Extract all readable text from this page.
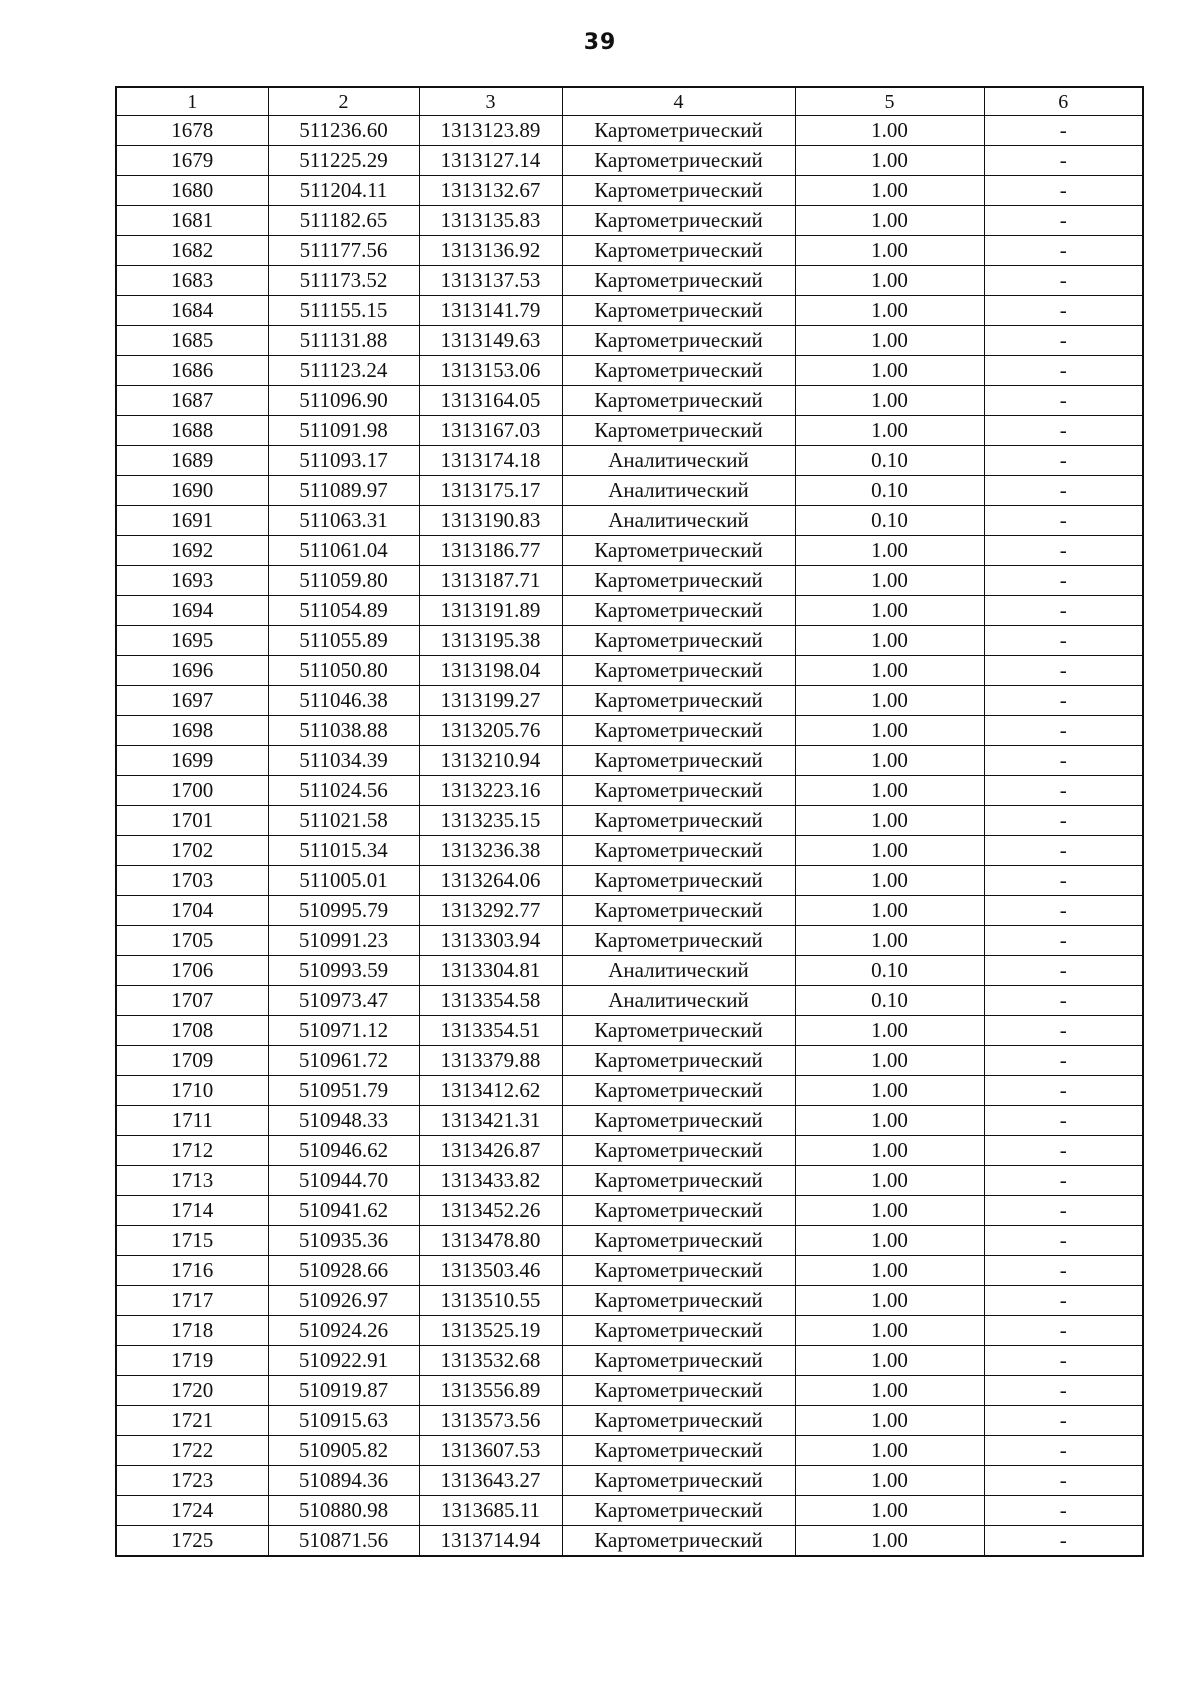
39
1	2	3	4	5	6
1678	511236.60	1313123.89	Картометрический	1.00	-
1679	511225.29	1313127.14	Картометрический	1.00	-
1680	511204.11	1313132.67	Картометрический	1.00	-
1681	511182.65	1313135.83	Картометрический	1.00	-
1682	511177.56	1313136.92	Картометрический	1.00	-
1683	511173.52	1313137.53	Картометрический	1.00	-
1684	511155.15	1313141.79	Картометрический	1.00	-
1685	511131.88	1313149.63	Картометрический	1.00	-
1686	511123.24	1313153.06	Картометрический	1.00	-
1687	511096.90	1313164.05	Картометрический	1.00	-
1688	511091.98	1313167.03	Картометрический	1.00	-
1689	511093.17	1313174.18	Аналитический	0.10	-
1690	511089.97	1313175.17	Аналитический	0.10	-
1691	511063.31	1313190.83	Аналитический	0.10	-
1692	511061.04	1313186.77	Картометрический	1.00	-
1693	511059.80	1313187.71	Картометрический	1.00	-
1694	511054.89	1313191.89	Картометрический	1.00	-
1695	511055.89	1313195.38	Картометрический	1.00	-
1696	511050.80	1313198.04	Картометрический	1.00	-
1697	511046.38	1313199.27	Картометрический	1.00	-
1698	511038.88	1313205.76	Картометрический	1.00	-
1699	511034.39	1313210.94	Картометрический	1.00	-
1700	511024.56	1313223.16	Картометрический	1.00	-
1701	511021.58	1313235.15	Картометрический	1.00	-
1702	511015.34	1313236.38	Картометрический	1.00	-
1703	511005.01	1313264.06	Картометрический	1.00	-
1704	510995.79	1313292.77	Картометрический	1.00	-
1705	510991.23	1313303.94	Картометрический	1.00	-
1706	510993.59	1313304.81	Аналитический	0.10	-
1707	510973.47	1313354.58	Аналитический	0.10	-
1708	510971.12	1313354.51	Картометрический	1.00	-
1709	510961.72	1313379.88	Картометрический	1.00	-
1710	510951.79	1313412.62	Картометрический	1.00	-
1711	510948.33	1313421.31	Картометрический	1.00	-
1712	510946.62	1313426.87	Картометрический	1.00	-
1713	510944.70	1313433.82	Картометрический	1.00	-
1714	510941.62	1313452.26	Картометрический	1.00	-
1715	510935.36	1313478.80	Картометрический	1.00	-
1716	510928.66	1313503.46	Картометрический	1.00	-
1717	510926.97	1313510.55	Картометрический	1.00	-
1718	510924.26	1313525.19	Картометрический	1.00	-
1719	510922.91	1313532.68	Картометрический	1.00	-
1720	510919.87	1313556.89	Картометрический	1.00	-
1721	510915.63	1313573.56	Картометрический	1.00	-
1722	510905.82	1313607.53	Картометрический	1.00	-
1723	510894.36	1313643.27	Картометрический	1.00	-
1724	510880.98	1313685.11	Картометрический	1.00	-
1725	510871.56	1313714.94	Картометрический	1.00	-
